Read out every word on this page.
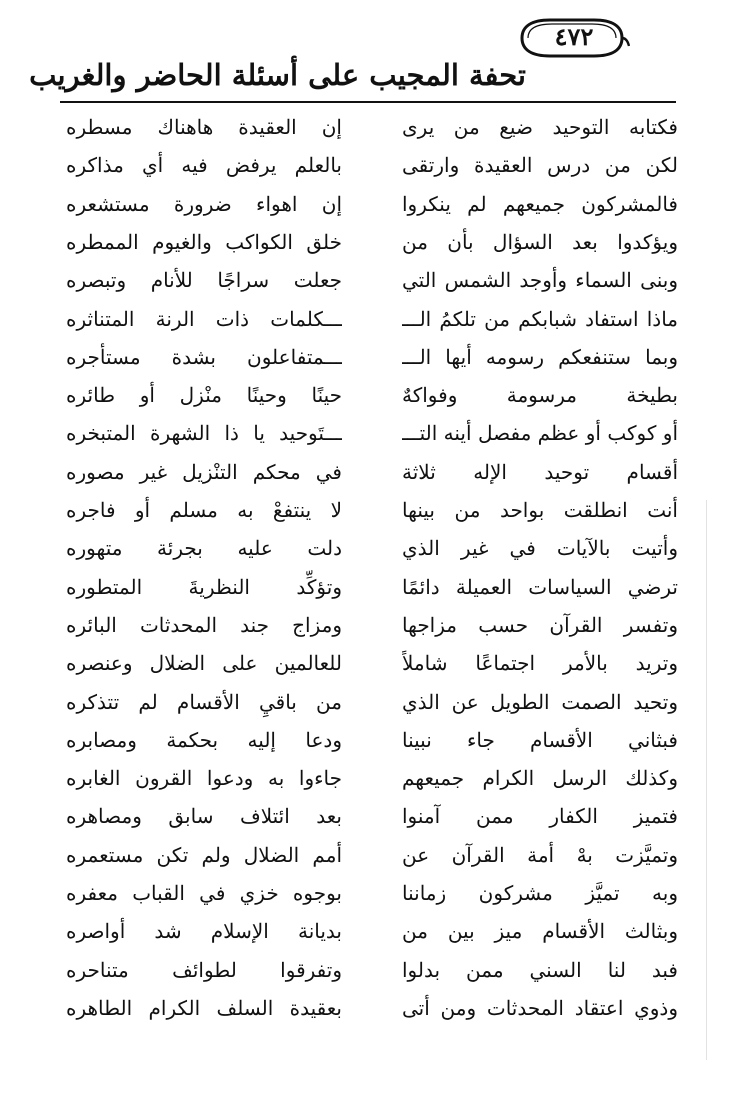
تحفة المجيب على أسئلة الحاضر والغريب
٤٧٢
فكتابه التوحيد ضيع من يرى
إن العقيدة هاهناك مسطره
لكن من درس العقيدة وارتقى
بالعلم يرفض فيه أي مذاكره
فالمشركون جميعهم لم ينكروا
إن اهواء ضرورة مستشعره
ويؤكدوا بعد السؤال بأن من
خلق الكواكب والغيوم الممطره
وبنى السماء وأوجد الشمس التي
جعلت سراجًا للأنام وتبصره
ماذا استفاد شبابكم من تلكمُ الـــ
ـــكلمات ذات الرنة المتناثره
وبما ستنفعكم رسومه أيها الـــ
ـــمتفاعلون بشدة مستأجره
بطيخة مرسومة وفواكهٌ
حينًا وحينًا منْزل أو طائره
أو كوكب أو عظم مفصل أينه التـــ
ـــتَوحيد يا ذا الشهرة المتبخره
أقسام توحيد الإله ثلاثة
في محكم التنْزيل غير مصوره
أنت انطلقت بواحد من بينها
لا ينتفعْ به مسلم أو فاجره
وأتيت بالآيات في غير الذي
دلت عليه بجرئة متهوره
ترضي السياسات العميلة دائمًا
وتؤكِّد النظريةَ المتطوره
وتفسر القرآن حسب مزاجها
ومزاج جند المحدثات البائره
وتريد بالأمر اجتماعًا شاملاً
للعالمين على الضلال وعنصره
وتحيد الصمت الطويل عن الذي
من باقيِ الأقسام لم تتذكره
فبثاني الأقسام جاء نبينا
ودعا إليه بحكمة ومصابره
وكذلك الرسل الكرام جميعهم
جاءوا به ودعوا القرون الغابره
فتميز الكفار ممن آمنوا
بعد ائتلاف سابق ومصاهره
وتميَّزت بهْ أمة القرآن عن
أمم الضلال ولم تكن مستعمره
وبه تميَّز مشركون زماننا
بوجوه خزي في القباب معفره
وبثالث الأقسام ميز بين من
بديانة الإسلام شد أواصره
فبد لنا السني ممن بدلوا
وتفرقوا لطوائف متناحره
وذوي اعتقاد المحدثات ومن أتى
بعقيدة السلف الكرام الطاهره
